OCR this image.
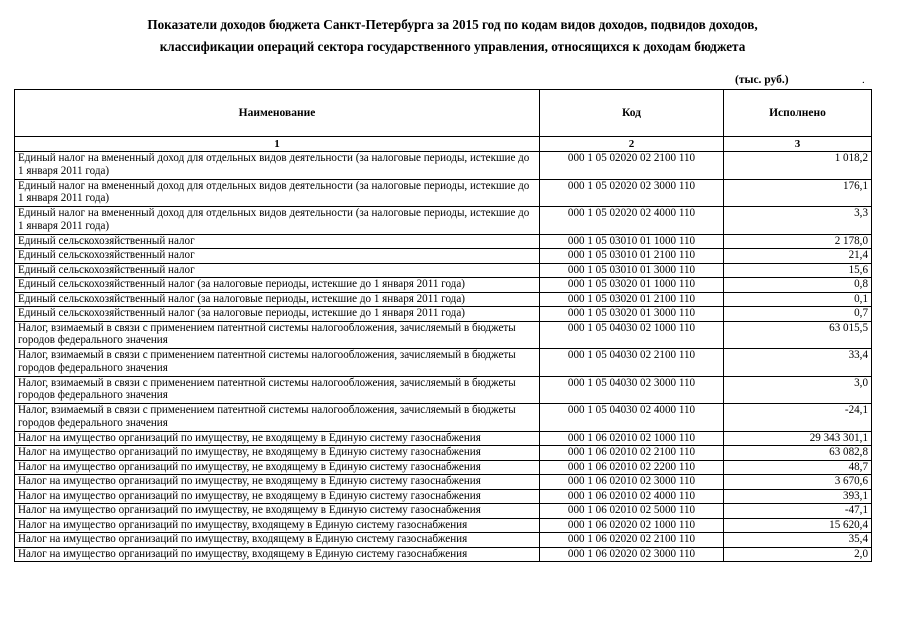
Показатели доходов бюджета Санкт-Петербурга за 2015 год по кодам видов доходов, подвидов доходов,
классификации операций сектора государственного управления, относящихся к доходам бюджета
(тыс. руб.)	.
Наименование	Код	Исполнено
1	2	3
Единый налог на вмененный доход для отдельных видов деятельности (за налоговые периоды, истекшие до 1 января 2011 года)	000 1 05 02020 02 2100 110	1 018,2
Единый налог на вмененный доход для отдельных видов деятельности (за налоговые периоды, истекшие до 1 января 2011 года)	000 1 05 02020 02 3000 110	176,1
Единый налог на вмененный доход для отдельных видов деятельности (за налоговые периоды, истекшие до 1 января 2011 года)	000 1 05 02020 02 4000 110	3,3
Единый сельскохозяйственный налог	000 1 05 03010 01 1000 110	2 178,0
Единый сельскохозяйственный налог	000 1 05 03010 01 2100 110	21,4
Единый сельскохозяйственный налог	000 1 05 03010 01 3000 110	15,6
Единый сельскохозяйственный налог (за налоговые периоды, истекшие до 1 января 2011 года)	000 1 05 03020 01 1000 110	0,8
Единый сельскохозяйственный налог (за налоговые периоды, истекшие до 1 января 2011 года)	000 1 05 03020 01 2100 110	0,1
Единый сельскохозяйственный налог (за налоговые периоды, истекшие до 1 января 2011 года)	000 1 05 03020 01 3000 110	0,7
Налог, взимаемый в связи с применением патентной системы налогообложения, зачисляемый в бюджеты городов федерального значения	000 1 05 04030 02 1000 110	63 015,5
Налог, взимаемый в связи с применением патентной системы налогообложения, зачисляемый в бюджеты городов федерального значения	000 1 05 04030 02 2100 110	33,4
Налог, взимаемый в связи с применением патентной системы налогообложения, зачисляемый в бюджеты городов федерального значения	000 1 05 04030 02 3000 110	3,0
Налог, взимаемый в связи с применением патентной системы налогообложения, зачисляемый в бюджеты городов федерального значения	000 1 05 04030 02 4000 110	-24,1
Налог на имущество организаций по имуществу, не входящему в Единую систему газоснабжения	000 1 06 02010 02 1000 110	29 343 301,1
Налог на имущество организаций по имуществу, не входящему в Единую систему газоснабжения	000 1 06 02010 02 2100 110	63 082,8
Налог на имущество организаций по имуществу, не входящему в Единую систему газоснабжения	000 1 06 02010 02 2200 110	48,7
Налог на имущество организаций по имуществу, не входящему в Единую систему газоснабжения	000 1 06 02010 02 3000 110	3 670,6
Налог на имущество организаций по имуществу, не входящему в Единую систему газоснабжения	000 1 06 02010 02 4000 110	393,1
Налог на имущество организаций по имуществу, не входящему в Единую систему газоснабжения	000 1 06 02010 02 5000 110	-47,1
Налог на имущество организаций по имуществу, входящему в Единую систему газоснабжения	000 1 06 02020 02 1000 110	15 620,4
Налог на имущество организаций по имуществу, входящему в Единую систему газоснабжения	000 1 06 02020 02 2100 110	35,4
Налог на имущество организаций по имуществу, входящему в Единую систему газоснабжения	000 1 06 02020 02 3000 110	2,0
